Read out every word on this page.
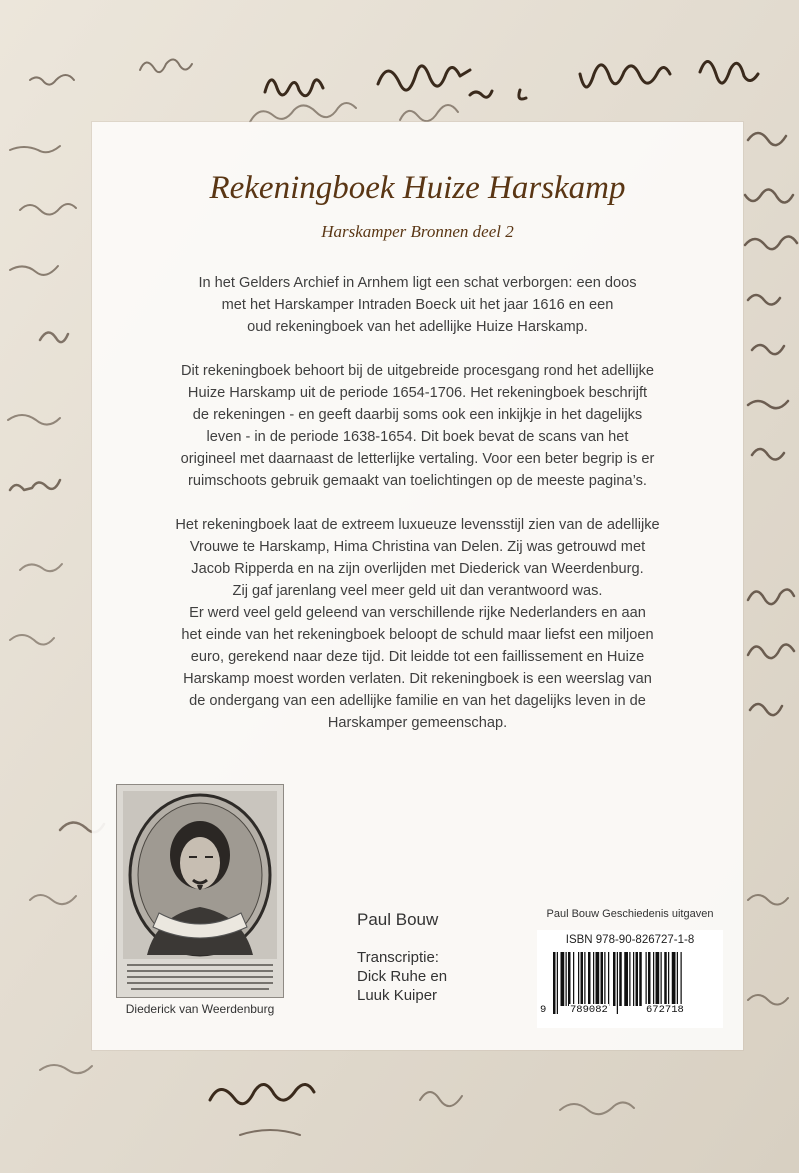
Rekeningboek Huize Harskamp
Harskamper Bronnen deel 2

In het Gelders Archief in Arnhem ligt een schat verborgen: een doos
met het Harskamper Intraden Boeck uit het jaar 1616 en een
oud rekeningboek van het adellijke Huize Harskamp.

Dit rekeningboek behoort bij de uitgebreide procesgang rond het adellijke
Huize Harskamp uit de periode 1654-1706. Het rekeningboek beschrijft
de rekeningen - en geeft daarbij soms ook een inkijkje in het dagelijks
leven - in de periode 1638-1654. Dit boek bevat de scans van het
origineel met daarnaast de letterlijke vertaling. Voor een beter begrip is er
ruimschoots gebruik gemaakt van toelichtingen op de meeste pagina’s.

Het rekeningboek laat de extreem luxueuze levensstijl zien van de adellijke
Vrouwe te Harskamp, Hima Christina van Delen. Zij was getrouwd met
Jacob Ripperda en na zijn overlijden met Diederick van Weerdenburg.
Zij gaf jarenlang veel meer geld uit dan verantwoord was.
Er werd veel geld geleend van verschillende rijke Nederlanders en aan
het einde van het rekeningboek beloopt de schuld maar liefst een miljoen
euro, gerekend naar deze tijd. Dit leidde tot een faillissement en Huize
Harskamp moest worden verlaten. Dit rekeningboek is een weerslag van
de ondergang van een adellijke familie en van het dagelijks leven in de
Harskamper gemeenschap.

Diederick van Weerdenburg
Paul Bouw
Transcriptie:
Dick Ruhe en
Luuk Kuiper
Paul Bouw Geschiedenis uitgaven
ISBN 978-90-826727-1-8
9 789082	672718
